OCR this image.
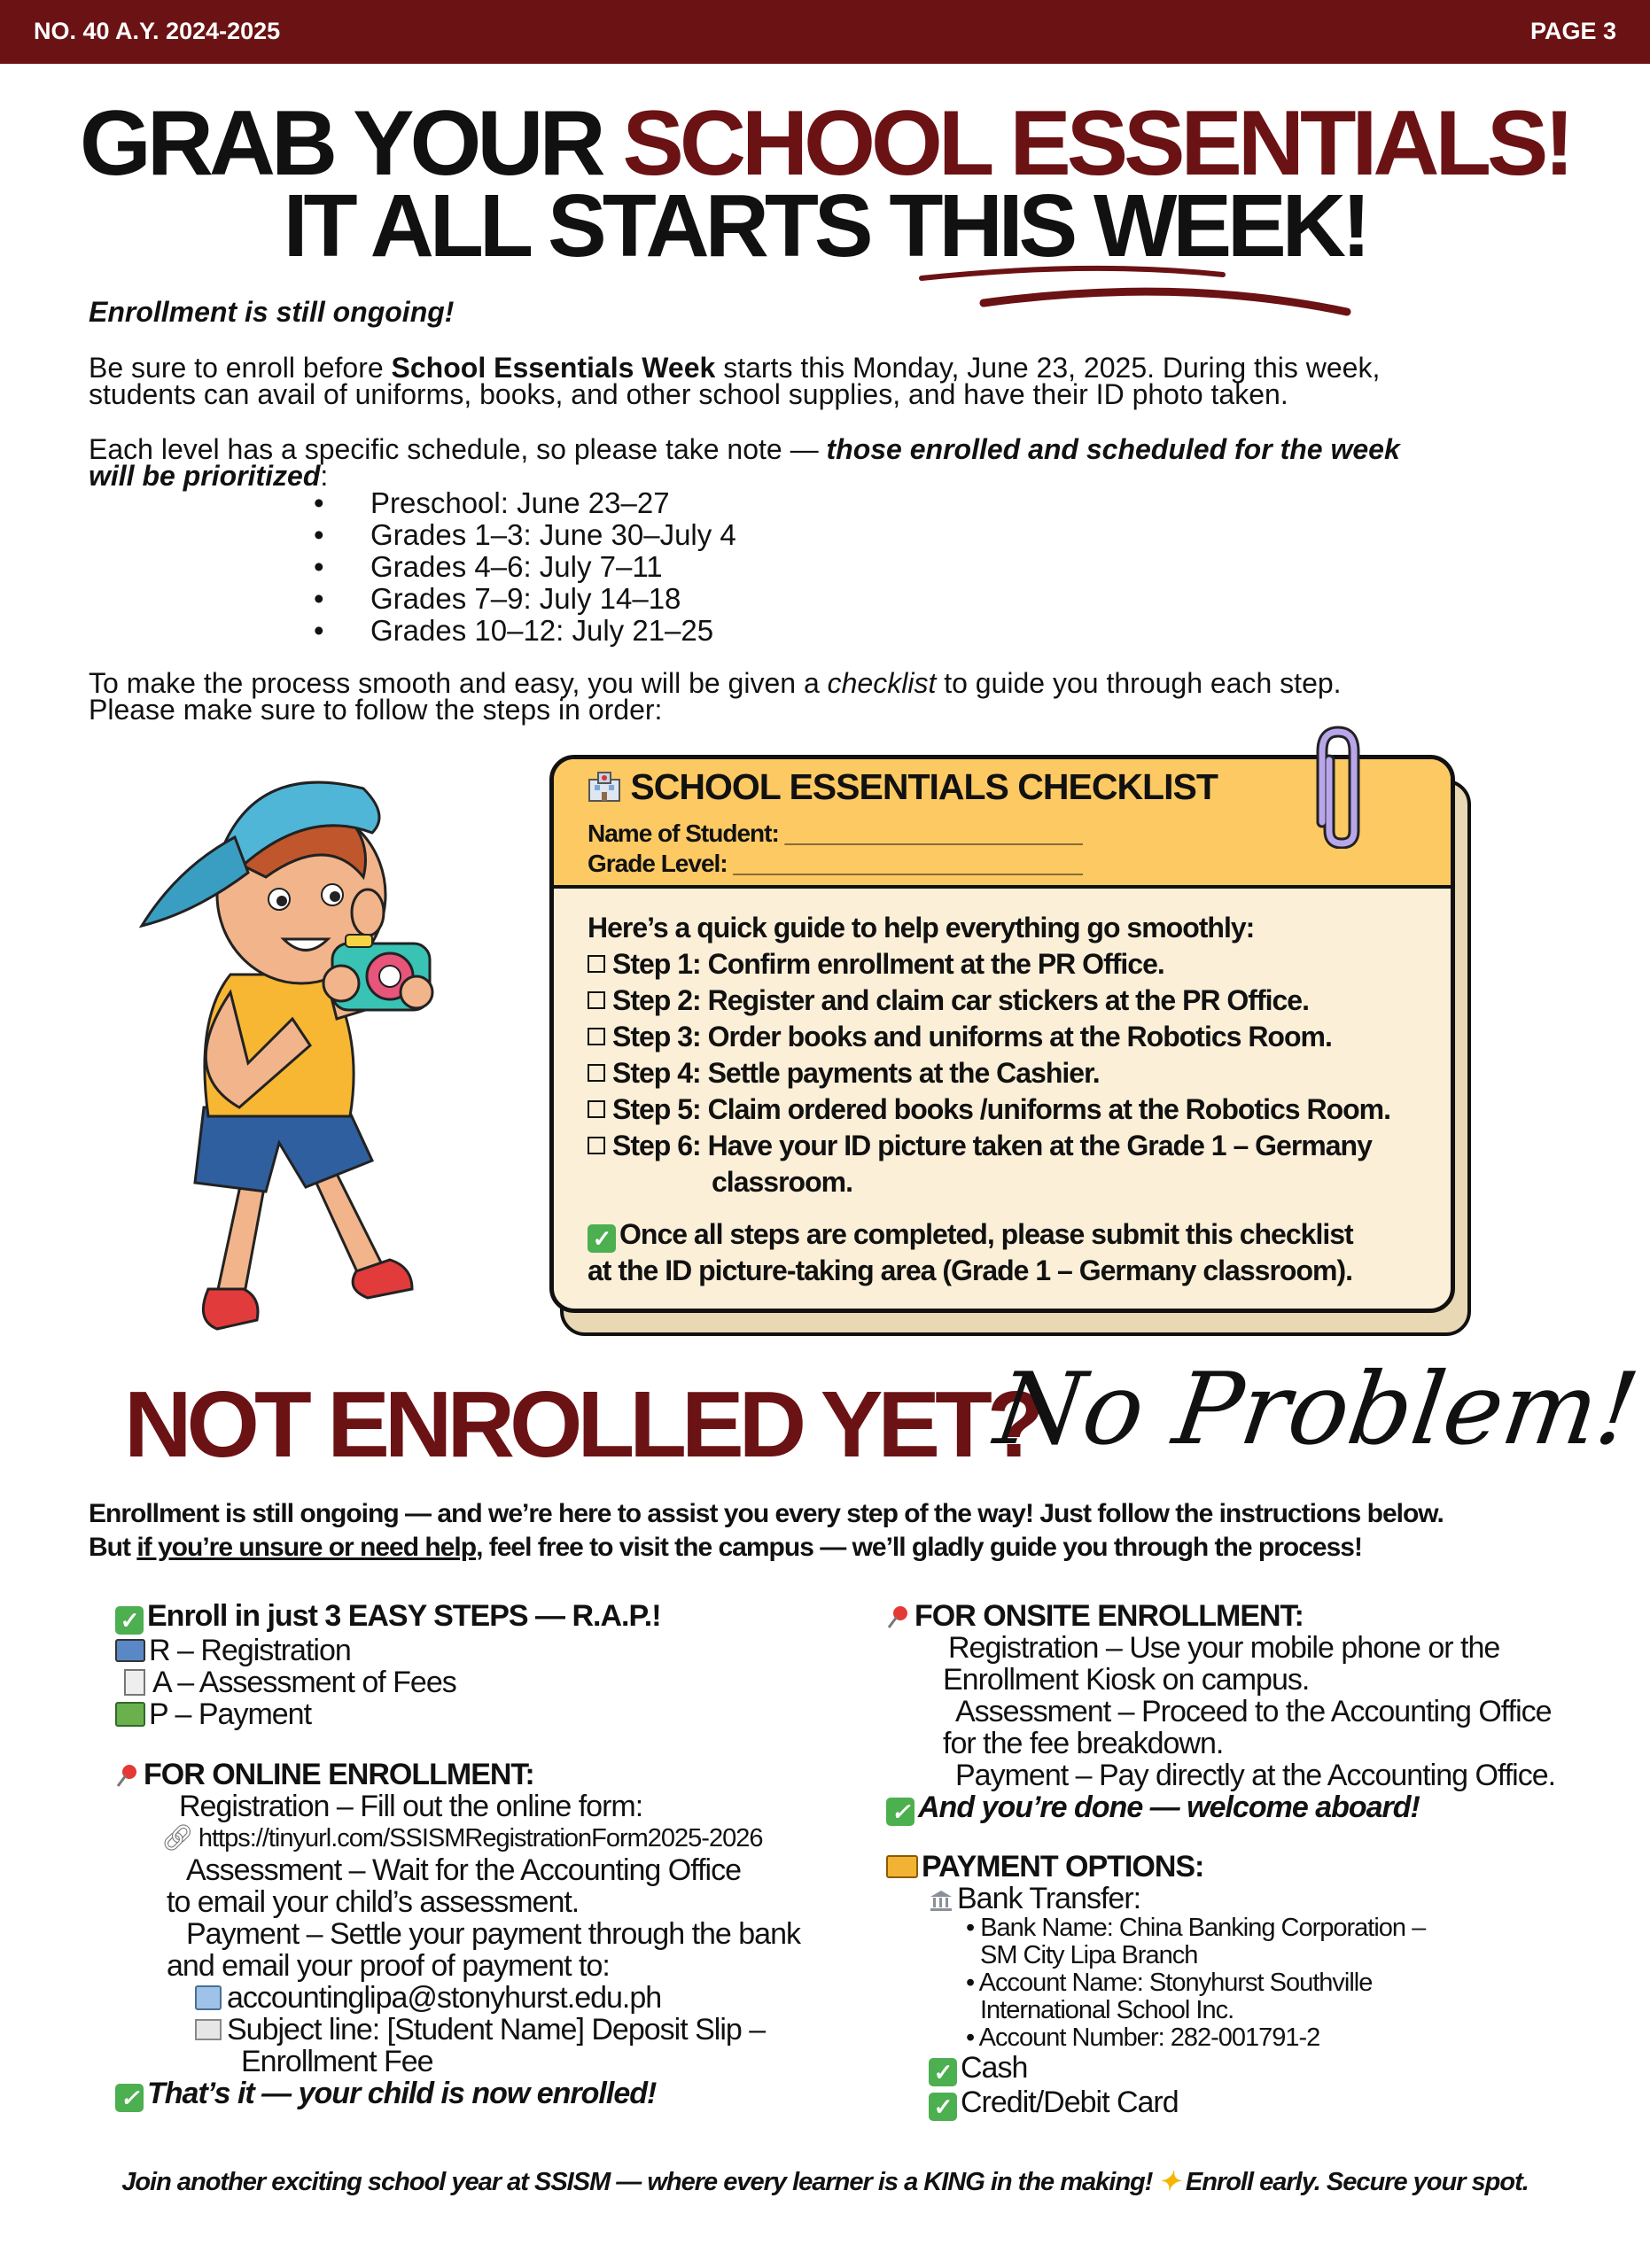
NO. 40 A.Y. 2024-2025	PAGE 3
GRAB YOUR SCHOOL ESSENTIALS!
IT ALL STARTS THIS WEEK!
Enrollment is still ongoing!
Be sure to enroll before School Essentials Week starts this Monday, June 23, 2025. During this week,
students can avail of uniforms, books, and other school supplies, and have their ID photo taken.
Each level has a specific schedule, so please take note — those enrolled and scheduled for the week
will be prioritized:
• Preschool: June 23–27
• Grades 1–3: June 30–July 4
• Grades 4–6: July 7–11
• Grades 7–9: July 14–18
• Grades 10–12: July 21–25
To make the process smooth and easy, you will be given a checklist to guide you through each step.
Please make sure to follow the steps in order:
SCHOOL ESSENTIALS CHECKLIST
Name of Student: _______________________
Grade Level: ___________________________
Here’s a quick guide to help everything go smoothly:
Step 1: Confirm enrollment at the PR Office.
Step 2: Register and claim car stickers at the PR Office.
Step 3: Order books and uniforms at the Robotics Room.
Step 4: Settle payments at the Cashier.
Step 5: Claim ordered books /uniforms at the Robotics Room.
Step 6: Have your ID picture taken at the Grade 1 – Germany
classroom.
✓ Once all steps are completed, please submit this checklist
at the ID picture-taking area (Grade 1 – Germany classroom).
NOT ENROLLED YET?
No Problem!
Enrollment is still ongoing — and we’re here to assist you every step of the way! Just follow the instructions below.
But if you’re unsure or need help, feel free to visit the campus — we’ll gladly guide you through the process!
✓ Enroll in just 3 EASY STEPS — R.A.P.!
R – Registration
A – Assessment of Fees
P – Payment
FOR ONLINE ENROLLMENT:
Registration – Fill out the online form:
🔗︎ https://tinyurl.com/SSISMRegistrationForm2025-2026
Assessment – Wait for the Accounting Office
to email your child’s assessment.
Payment – Settle your payment through the bank
and email your proof of payment to:
accountinglipa@stonyhurst.edu.ph
Subject line: [Student Name] Deposit Slip –
Enrollment Fee
✓ That’s it — your child is now enrolled!
FOR ONSITE ENROLLMENT:
Registration – Use your mobile phone or the
Enrollment Kiosk on campus.
Assessment – Proceed to the Accounting Office
for the fee breakdown.
Payment – Pay directly at the Accounting Office.
✓ And you’re done — welcome aboard!
PAYMENT OPTIONS:
Bank Transfer:
• Bank Name: China Banking Corporation –
SM City Lipa Branch
• Account Name: Stonyhurst Southville
International School Inc.
• Account Number: 282-001791-2
✓ Cash
✓ Credit/Debit Card
Join another exciting school year at SSISM — where every learner is a KING in the making! ✦ Enroll early. Secure your spot.
